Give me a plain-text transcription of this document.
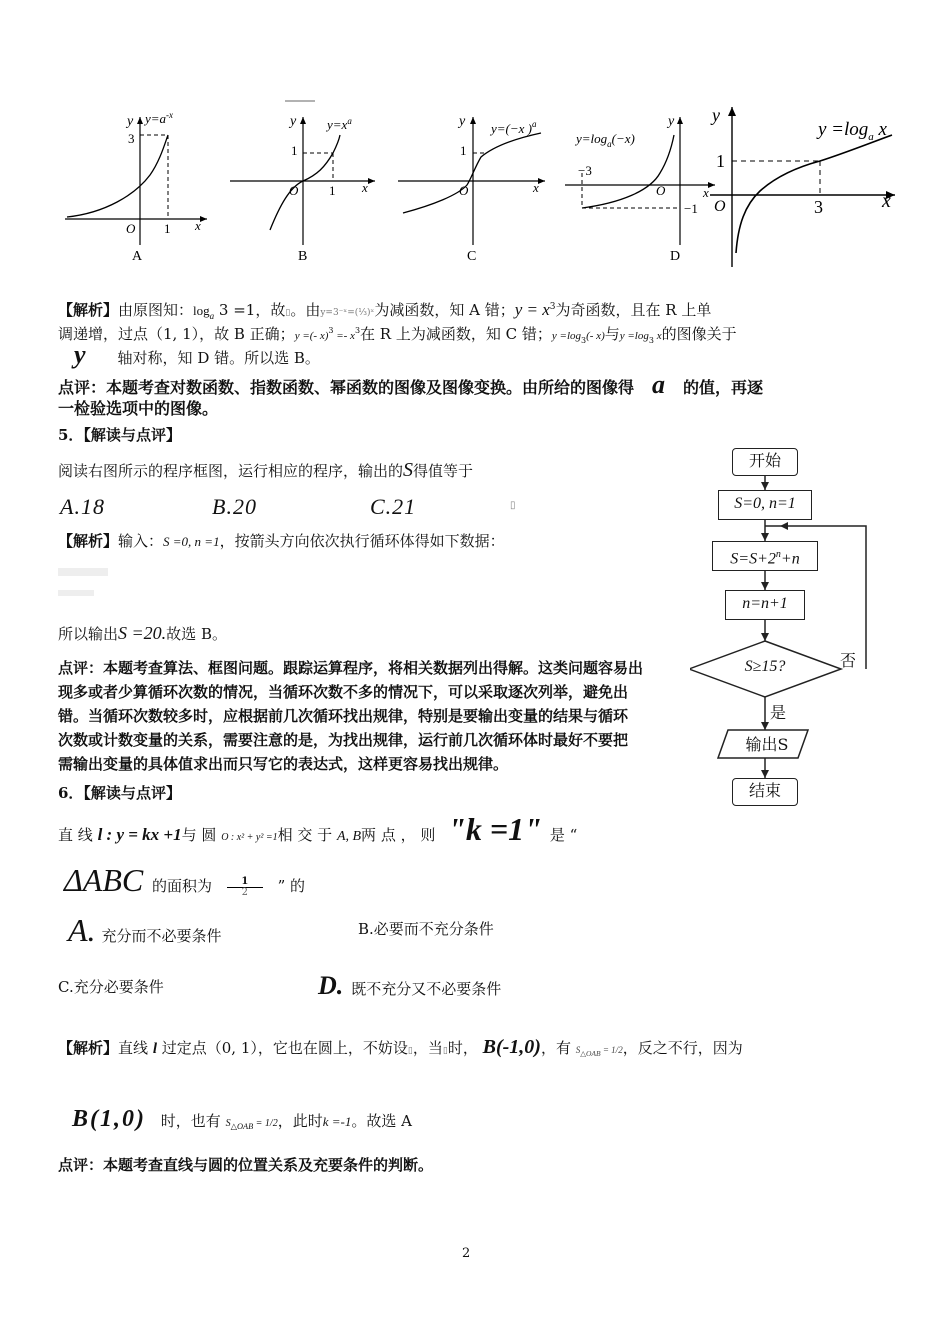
y $y=a^{-x}$
3
O 1 x
A
y $y=x^a$
1
O 1 x
B
y y=(−x )$^a$
1
O	x
C
y
$y=\log_a(-x)$
−3
O
−1
x
D
y
$y =\log_a$ x
1
O	3	x
【解析】由原图知：$\log_a 3 =1$，故▯。由y=3⁻ˣ=(⅓)ˣ为减函数，知 A 错；$y = x^3$为奇函数，且在 R 上单
调递增，过点（1, 1），故 B 正确；y =(- $x)^3 =- x^3$在 R 上为减函数，知 C 错；$y =\log_3(-$ x)与$y =\log_3$ x的图像关于
y 轴对称，知 D 错。所以选 B。
点评：本题考查对数函数、指数函数、幂函数的图像及图像变换。由所给的图像得 a 的值，再逐
一检验选项中的图像。
5．【解读与点评】
阅读右图所示的程序框图，运行相应的程序，输出的S得值等于
A.18	B.20	C.21	▯
【解析】输入：S =0, n =1，按箭头方向依次执行循环体得如下数据：
所以输出S =20.故选 B。
点评：本题考查算法、框图问题。跟踪运算程序，将相关数据列出得解。这类问题容易出
现多或者少算循环次数的情况，当循环次数不多的情况下，可以采取逐次列举，避免出
错。当循环次数较多时，应根据前几次循环找出规律，特别是要输出变量的结果与循环
次数或计数变量的关系，需要注意的是，为找出规律，运行前几次循环体时最好不要把
需输出变量的具体值求出而只写它的表达式，这样更容易找出规律。
开始
S=0, n=1
$S=S+2^n+n$
n=n+1
S≥15?	否
是
输出S
结束
6．【解读与点评】
直 线 l : y = kx +1与 圆 O : x² + y² =1相 交 于 A, B两 点 ， 则 "k =1" 是 “
ΔABC 的面积为 $\frac{1}{2}$ ” 的
A. 充分而不必要条件	B.必要而不充分条件
C.充分必要条件	D. 既不充分又不必要条件
【解析】直线 l 过定点（0, 1），它也在圆上，不妨设▯，当▯时， B(-1,0)，有 $S_{\triangle OAB} = 1/2$，反之不行，因为
B(1,0) 时，也有 $S_{\triangle OAB} = 1/2$，此时k =-1。故选 A
点评：本题考查直线与圆的位置关系及充要条件的判断。
2
